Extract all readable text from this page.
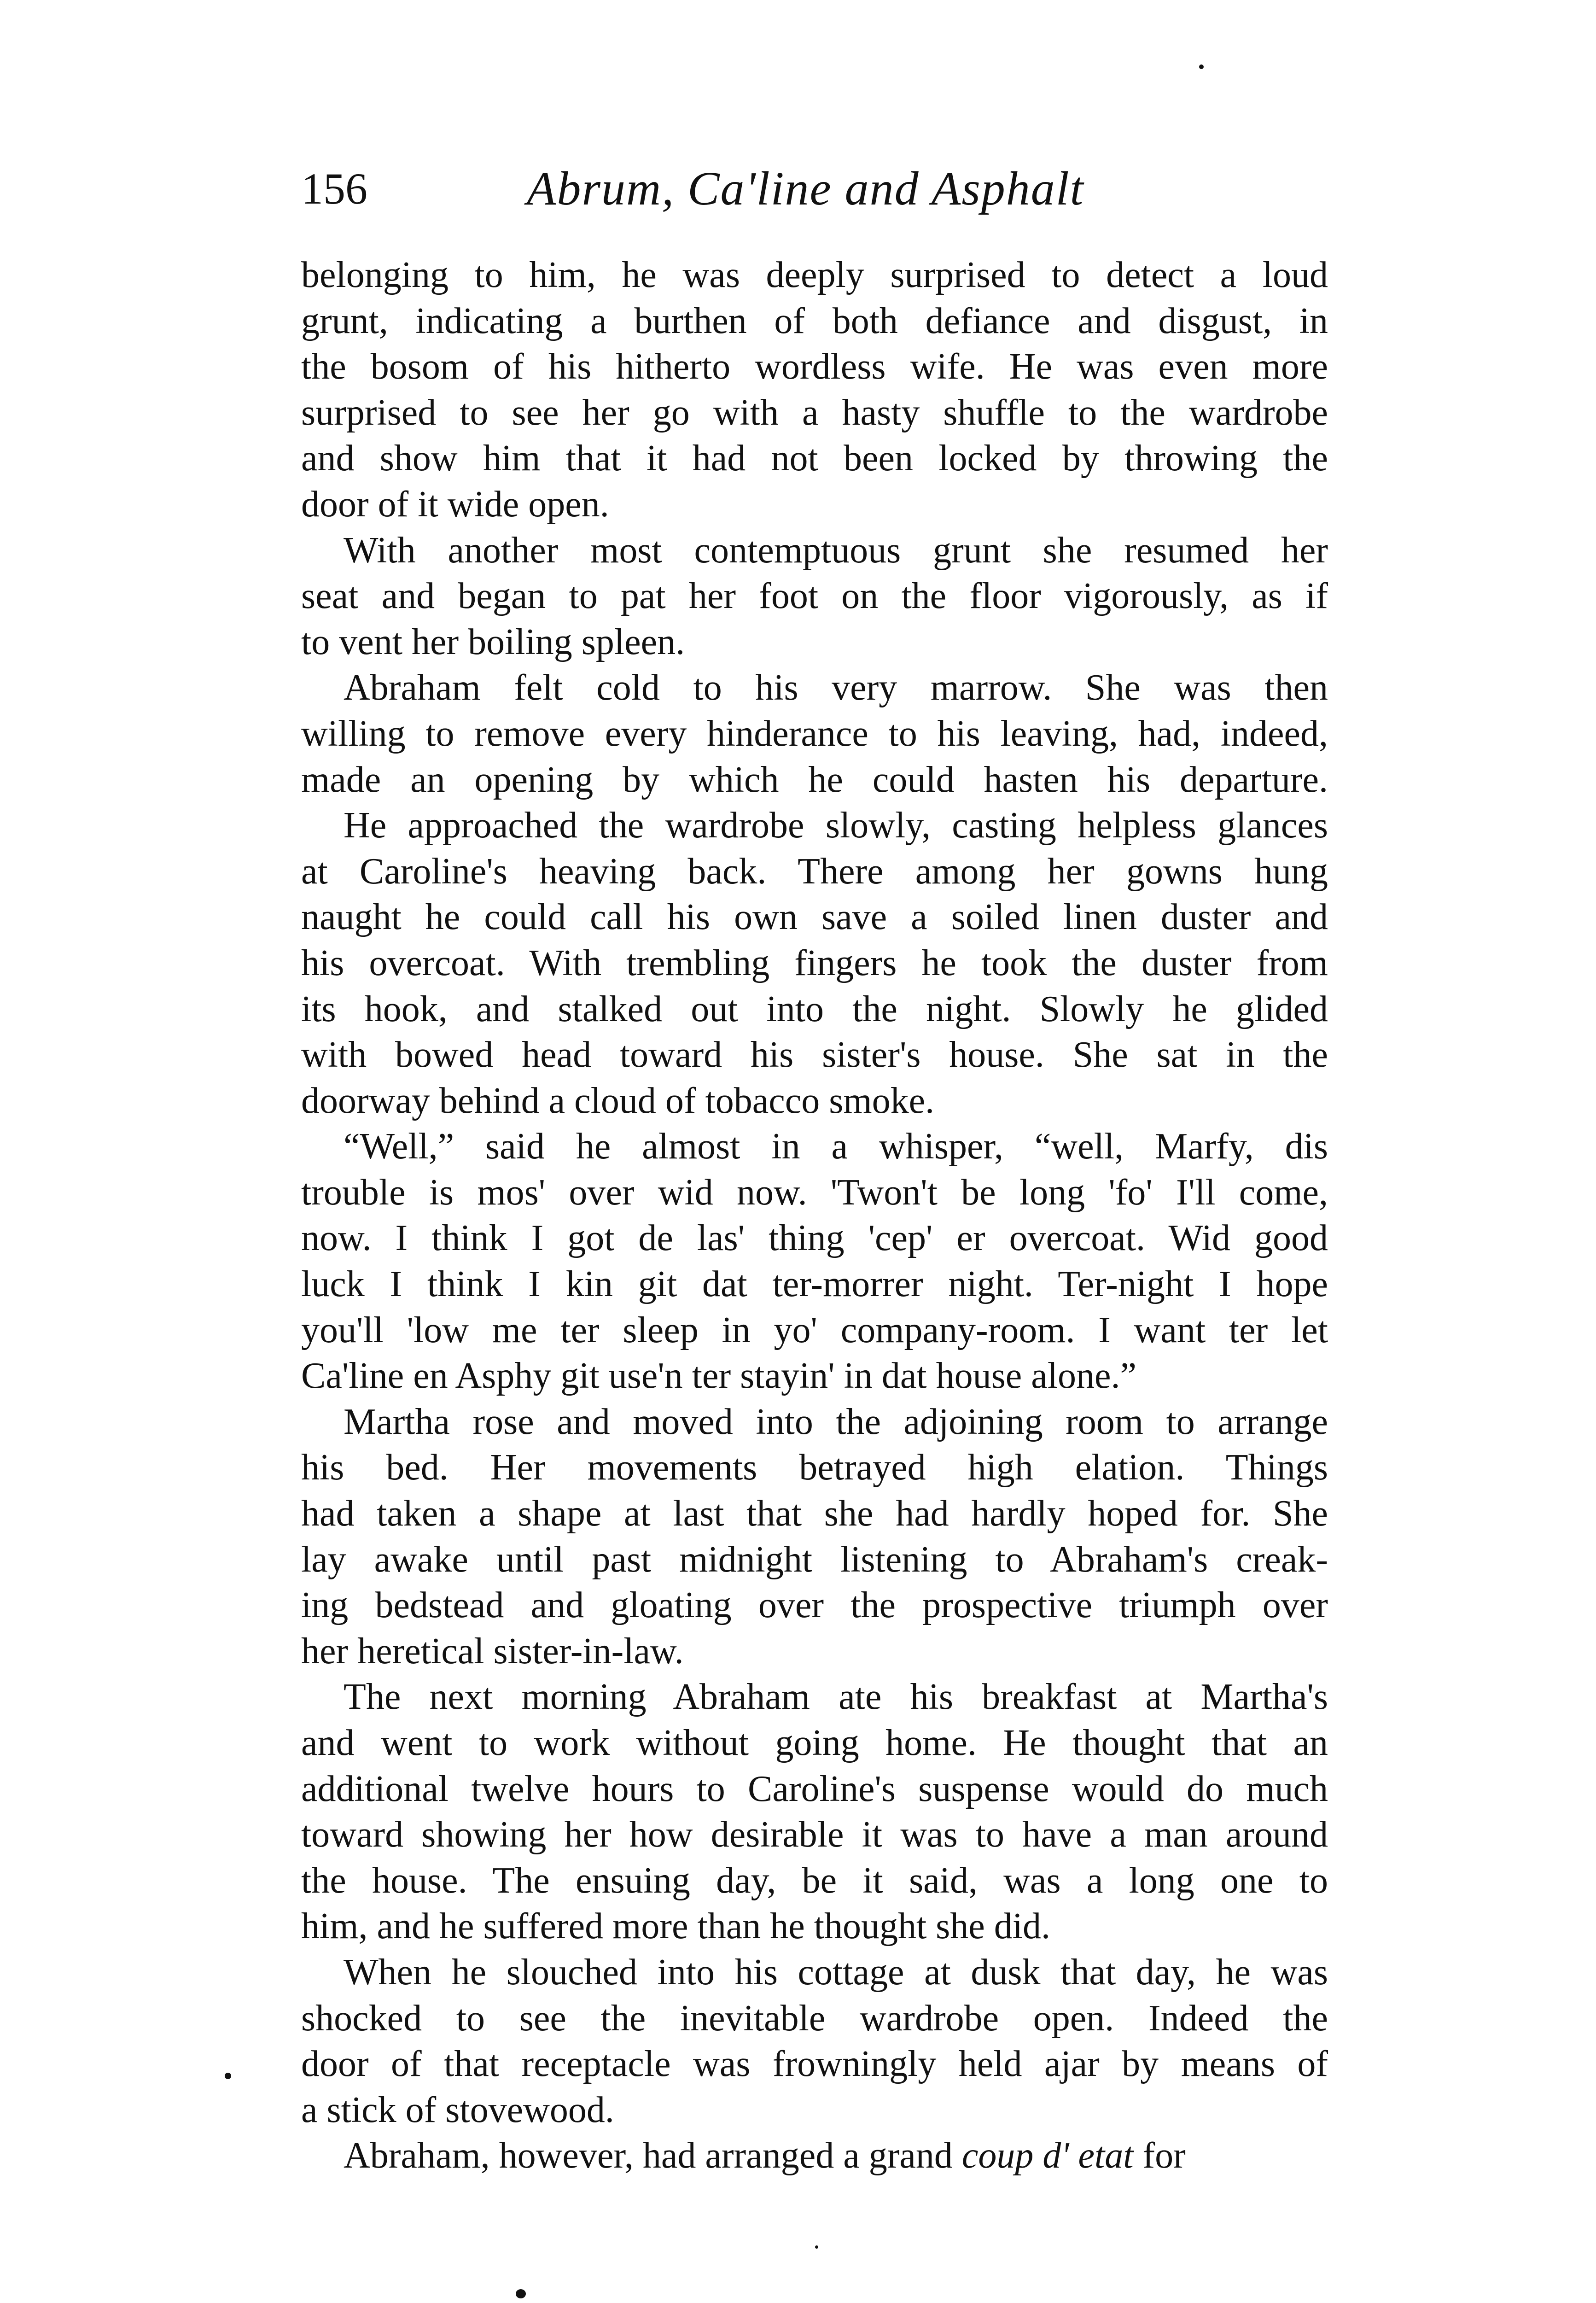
156	Abrum, Ca'line and Asphalt
belonging to him, he was deeply surprised to detect a loud
grunt, indicating a burthen of both defiance and disgust, in
the bosom of his hitherto wordless wife. He was even more
surprised to see her go with a hasty shuffle to the wardrobe
and show him that it had not been locked by throwing the
door of it wide open.
With another most contemptuous grunt she resumed her
seat and began to pat her foot on the floor vigorously, as if
to vent her boiling spleen.
Abraham felt cold to his very marrow. She was then
willing to remove every hinderance to his leaving, had, indeed,
made an opening by which he could hasten his departure.
He approached the wardrobe slowly, casting helpless glances
at Caroline's heaving back. There among her gowns hung
naught he could call his own save a soiled linen duster and
his overcoat. With trembling fingers he took the duster from
its hook, and stalked out into the night. Slowly he glided
with bowed head toward his sister's house. She sat in the
doorway behind a cloud of tobacco smoke.
“Well,” said he almost in a whisper, “well, Marfy, dis
trouble is mos' over wid now. 'Twon't be long 'fo' I'll come,
now. I think I got de las' thing 'cep' er overcoat. Wid good
luck I think I kin git dat ter-morrer night. Ter-night I hope
you'll 'low me ter sleep in yo' company-room. I want ter let
Ca'line en Asphy git use'n ter stayin' in dat house alone.”
Martha rose and moved into the adjoining room to arrange
his bed. Her movements betrayed high elation. Things
had taken a shape at last that she had hardly hoped for. She
lay awake until past midnight listening to Abraham's creak-
ing bedstead and gloating over the prospective triumph over
her heretical sister-in-law.
The next morning Abraham ate his breakfast at Martha's
and went to work without going home. He thought that an
additional twelve hours to Caroline's suspense would do much
toward showing her how desirable it was to have a man around
the house. The ensuing day, be it said, was a long one to
him, and he suffered more than he thought she did.
When he slouched into his cottage at dusk that day, he was
shocked to see the inevitable wardrobe open. Indeed the
door of that receptacle was frowningly held ajar by means of
a stick of stovewood.
Abraham, however, had arranged a grand coup d' etat for
